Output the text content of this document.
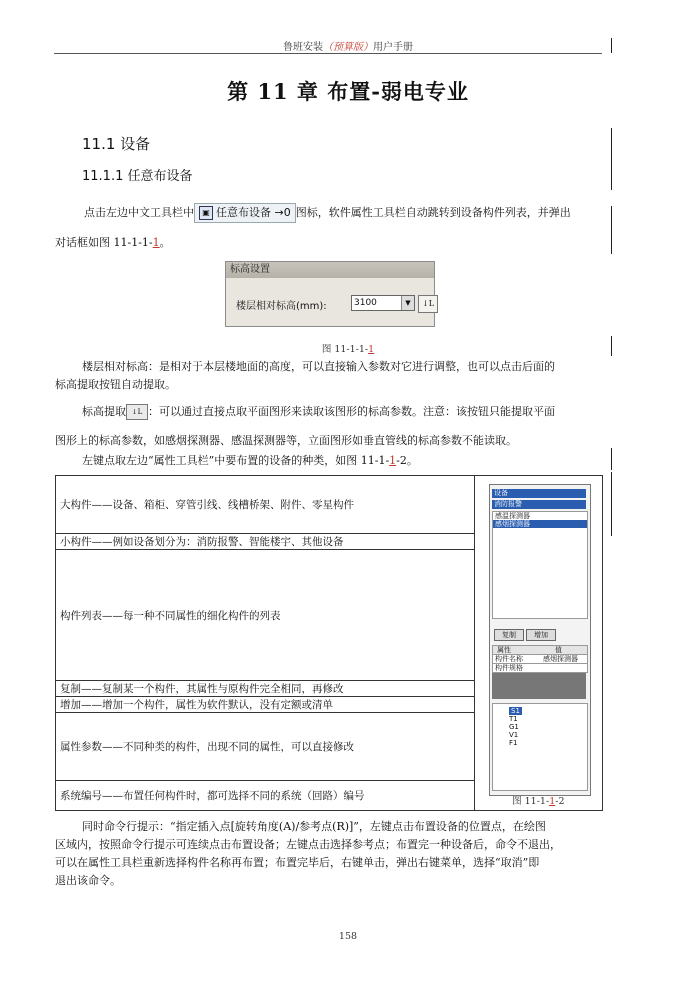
鲁班安装（预算版）用户手册
第 11 章 布置-弱电专业
11.1 设备
11.1.1 任意布设备
点击左边中文工具栏中 ▣ 任意布设备 →0 图标，软件属性工具栏自动跳转到设备构件列表，并弹出
对话框如图 11-1-1-1。
标高设置
楼层相对标高(mm):	3100	▼	↓L
图 11-1-1-1
楼层相对标高：是相对于本层楼地面的高度，可以直接输入参数对它进行调整，也可以点击后面的
标高提取按钮自动提取。
标高提取 ↓L ：可以通过直接点取平面图形来读取该图形的标高参数。注意：该按钮只能提取平面
图形上的标高参数，如感烟探测器、感温探测器等，立面图形如垂直管线的标高参数不能读取。
左键点取左边“属性工具栏”中要布置的设备的种类，如图 11-1-1-2。
大构件——设备、箱柜、穿管引线、线槽桥架、附件、零星构件	图 11-1-1-2
小构件——例如设备划分为：消防报警、智能楼宇、其他设备
构件列表——每一种不同属性的细化构件的列表
复制——复制某一个构件，其属性与原构件完全相同，再修改
增加——增加一个构件，属性为软件默认，没有定额或清单
属性参数——不同种类的构件，出现不同的属性，可以直接修改
系统编号——布置任何构件时，都可选择不同的系统（回路）编号
设备
消防报警
感温探测器
感烟探测器
复制	增加
属性	值
构件名称	感烟探测器
构件规格
S1
T1
G1
V1
F1
同时命令行提示：“指定插入点[旋转角度(A)/参考点(R)]”，左键点击布置设备的位置点，在绘图
区域内，按照命令行提示可连续点击布置设备；左键点击选择参考点；布置完一种设备后，命令不退出，
可以在属性工具栏重新选择构件名称再布置；布置完毕后，右键单击，弹出右键菜单，选择“取消”即
退出该命令。
158
